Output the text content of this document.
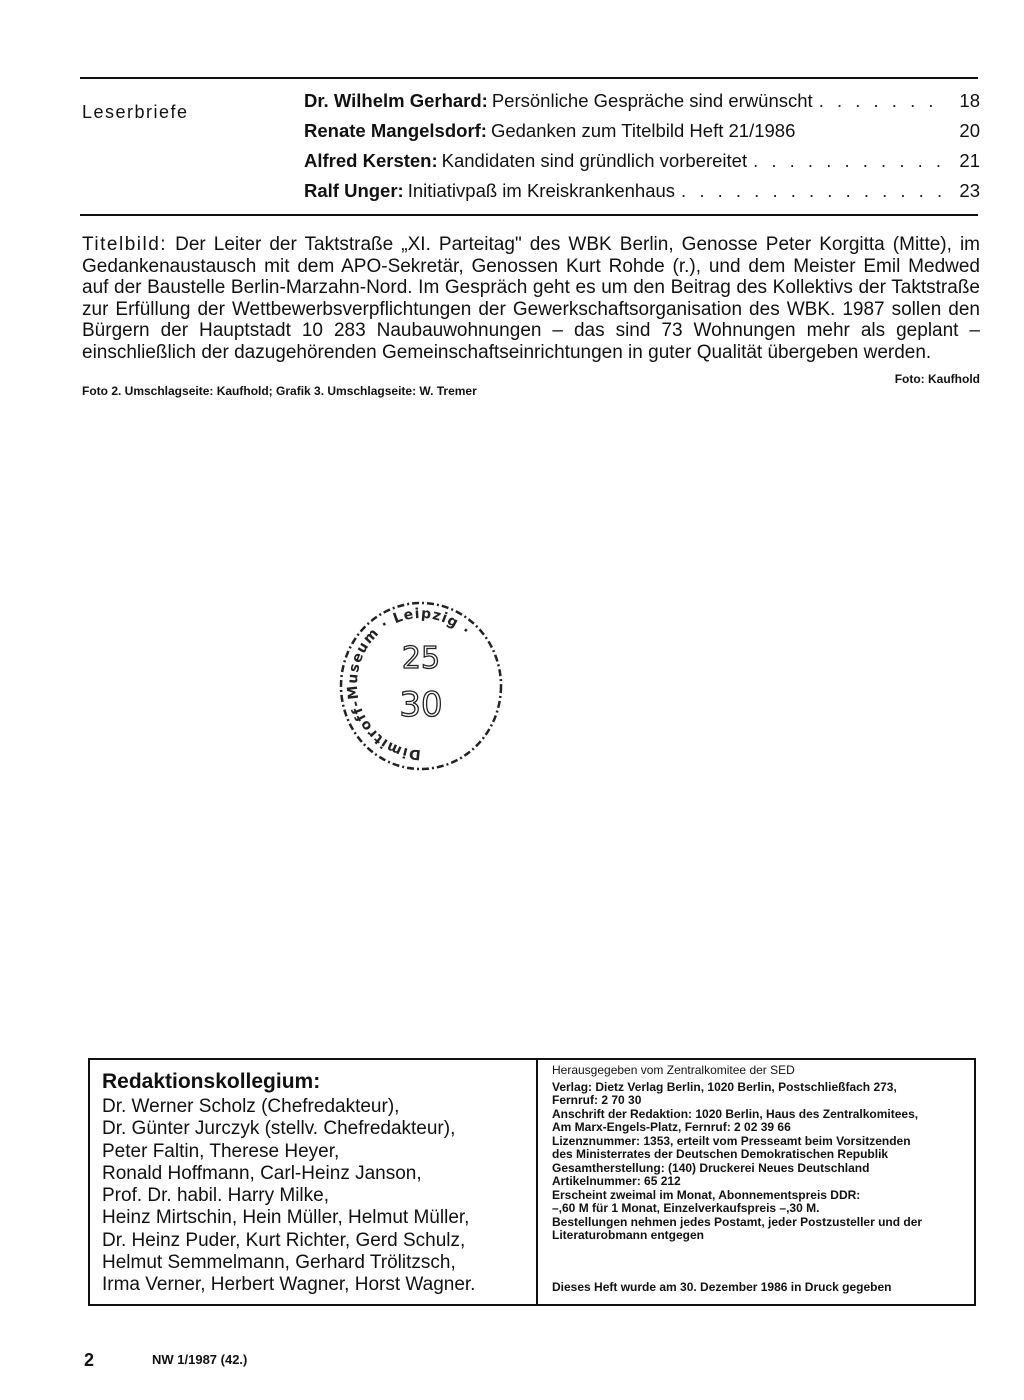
Leserbriefe
Dr. Wilhelm Gerhard: Persönliche Gespräche sind erwünscht . . .	18
Renate Mangelsdorf: Gedanken zum Titelbild Heft 21/1986	20
Alfred Kersten: Kandidaten sind gründlich vorbereitet . . .	21
Ralf Unger: Initiativpaß im Kreiskrankenhaus . . .	23
Titelbild: Der Leiter der Taktstraße „XI. Parteitag" des WBK Berlin, Genosse Peter Korgitta (Mitte), im Gedankenaustausch mit dem APO-Sekretär, Genossen Kurt Rohde (r.), und dem Meister Emil Medwed auf der Baustelle Berlin-Marzahn-Nord. Im Gespräch geht es um den Beitrag des Kollektivs der Taktstraße zur Erfüllung der Wettbewerbsverpflichtungen der Gewerkschaftsorganisation des WBK. 1987 sollen den Bürgern der Hauptstadt 10 283 Naubauwohnungen – das sind 73 Wohnungen mehr als geplant – einschließlich der dazugehörenden Gemeinschaftseinrichtungen in guter Qualität übergeben werden.
Foto: Kaufhold
Foto 2. Umschlagseite: Kaufhold; Grafik 3. Umschlagseite: W. Tremer
Dimitroff-Museum · Leipzig ·
25
30
Redaktionskollegium:
Dr. Werner Scholz (Chefredakteur),
Dr. Günter Jurczyk (stellv. Chefredakteur),
Peter Faltin, Therese Heyer,
Ronald Hoffmann, Carl-Heinz Janson,
Prof. Dr. habil. Harry Milke,
Heinz Mirtschin, Hein Müller, Helmut Müller,
Dr. Heinz Puder, Kurt Richter, Gerd Schulz,
Helmut Semmelmann, Gerhard Trölitzsch,
Irma Verner, Herbert Wagner, Horst Wagner.
Herausgegeben vom Zentralkomitee der SED
Verlag: Dietz Verlag Berlin, 1020 Berlin, Postschließfach 273,
Fernruf: 2 70 30
Anschrift der Redaktion: 1020 Berlin, Haus des Zentralkomitees,
Am Marx-Engels-Platz, Fernruf: 2 02 39 66
Lizenznummer: 1353, erteilt vom Presseamt beim Vorsitzenden
des Ministerrates der Deutschen Demokratischen Republik
Gesamtherstellung: (140) Druckerei Neues Deutschland
Artikelnummer: 65 212
Erscheint zweimal im Monat, Abonnementspreis DDR:
–,60 M für 1 Monat, Einzelverkaufspreis –,30 M.
Bestellungen nehmen jedes Postamt, jeder Postzusteller und der
Literaturobmann entgegen
Dieses Heft wurde am 30. Dezember 1986 in Druck gegeben
2	NW 1/1987 (42.)
